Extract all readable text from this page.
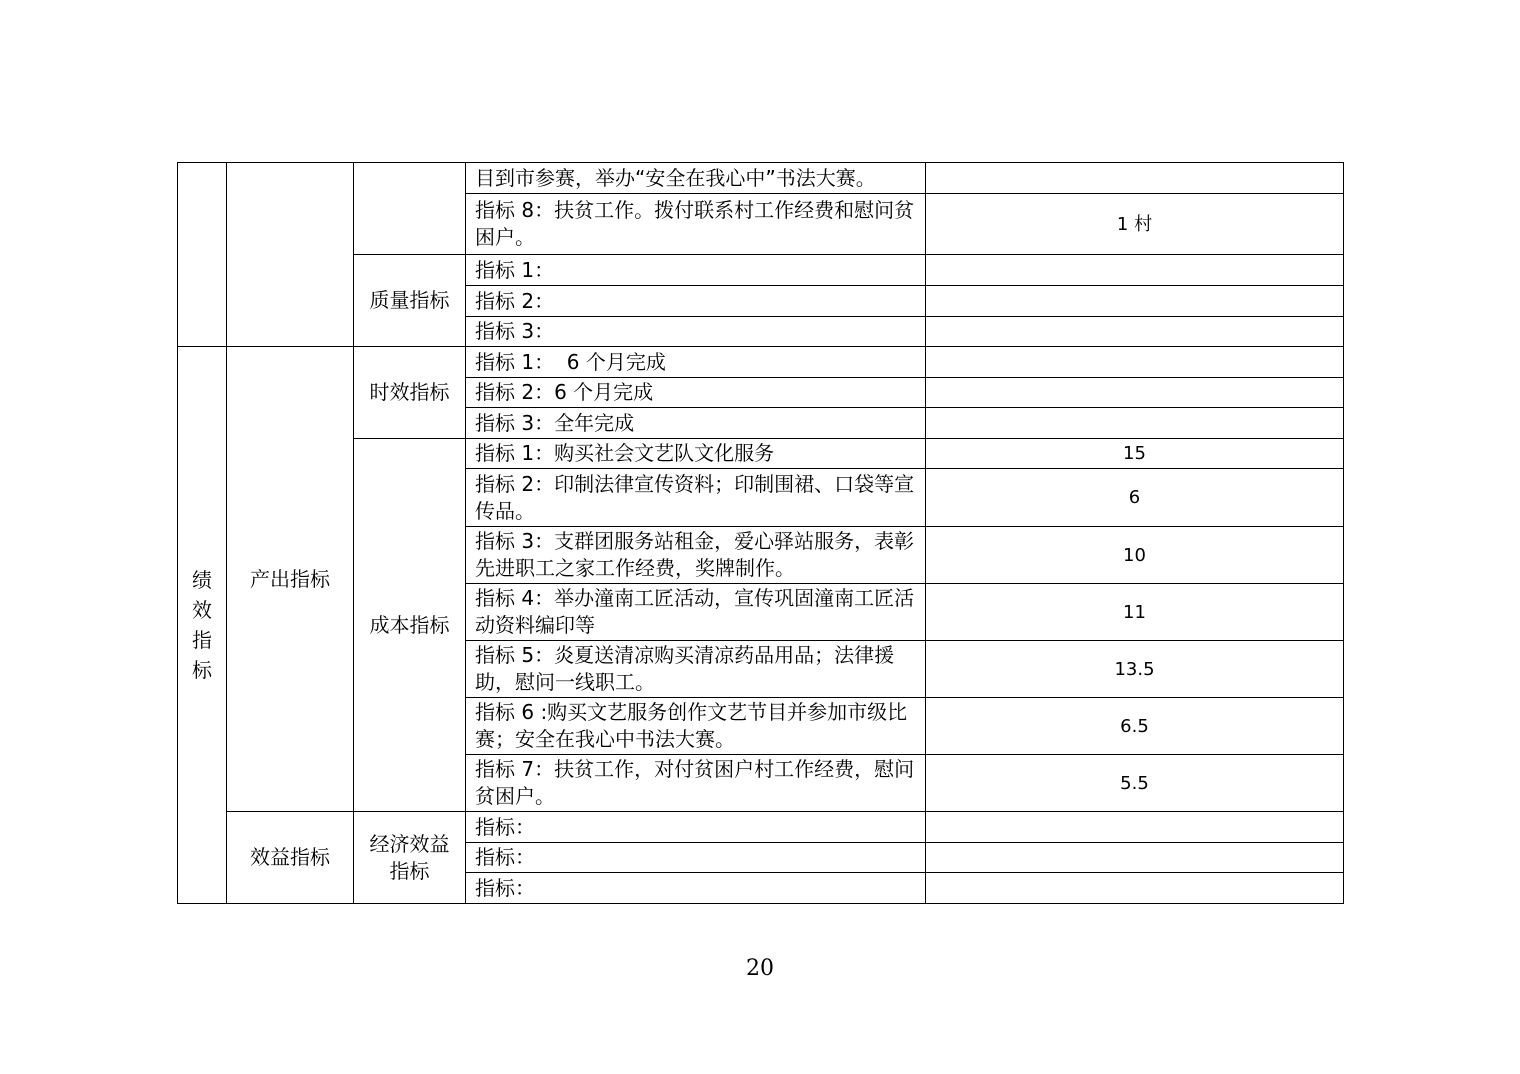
			目到市参赛，举办“安全在我心中”书法大赛。	
			指标 8：扶贫工作。拨付联系村工作经费和慰问贫困户。	1 村
		质量指标	指标 1：	
			指标 2：	
			指标 3：	

绩效指标	产出指标	时效指标	指标 1：  6 个月完成	
			指标 2：6 个月完成	
			指标 3：全年完成	
		成本指标	指标 1：购买社会文艺队文化服务	15
			指标 2：印制法律宣传资料；印制围裙、口袋等宣传品。	6
			指标 3：支群团服务站租金，爱心驿站服务，表彰先进职工之家工作经费，奖牌制作。	10
			指标 4：举办潼南工匠活动，宣传巩固潼南工匠活动资料编印等	11
			指标 5：炎夏送清凉购买清凉药品用品；法律援助，慰问一线职工。	13.5
			指标 6 :购买文艺服务创作文艺节目并参加市级比赛；安全在我心中书法大赛。	6.5
			指标 7：扶贫工作，对付贫困户村工作经费，慰问贫困户。	5.5
	效益指标	经济效益指标	指标：	
			指标：	
			指标：	
20
